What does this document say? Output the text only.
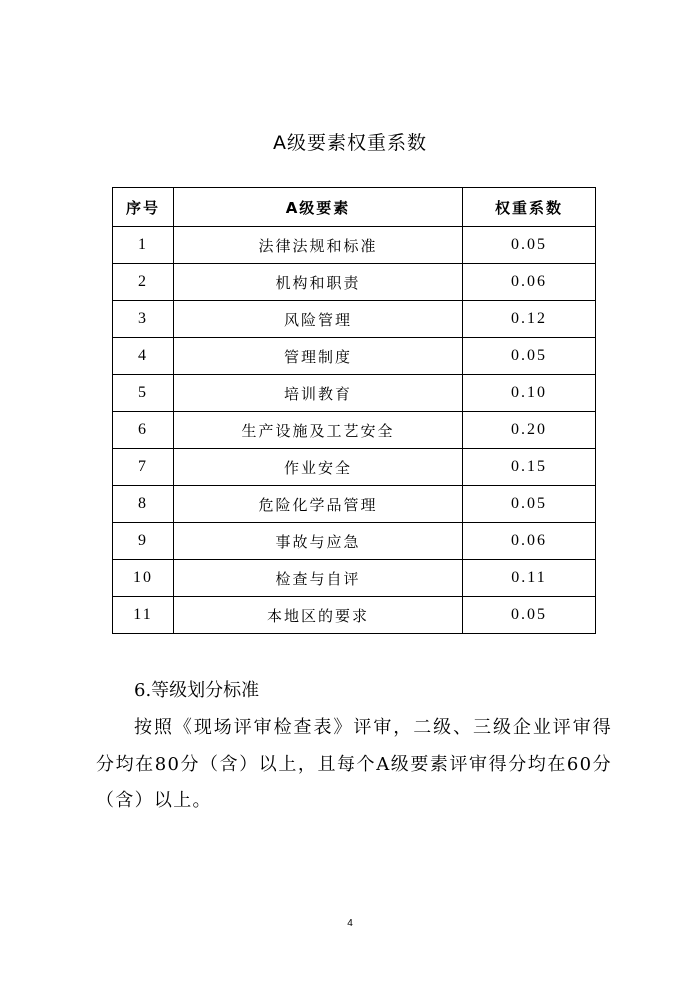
A级要素权重系数
序号	A级要素	权重系数
1	法律法规和标准	0.05
2	机构和职责	0.06
3	风险管理	0.12
4	管理制度	0.05
5	培训教育	0.10
6	生产设施及工艺安全	0.20
7	作业安全	0.15
8	危险化学品管理	0.05
9	事故与应急	0.06
10	检查与自评	0.11
11	本地区的要求	0.05

6.等级划分标准

按照《现场评审检查表》评审，二级、三级企业评审得分均在80分（含）以上，且每个A级要素评审得分均在60分（含）以上。

4
